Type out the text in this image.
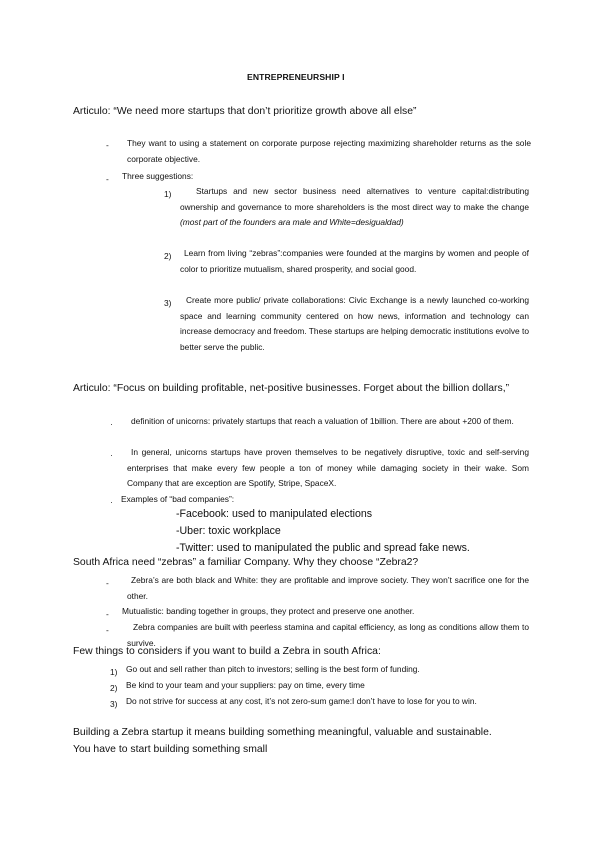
ENTREPRENEURSHIP I
Articulo: “We need more startups that don’t prioritize growth above all else”
- They want to using a statement on corporate purpose rejecting maximizing shareholder returns as the sole corporate objective.
- Three suggestions:
1)	Startups and new sector business need alternatives to venture capital:distributing ownership and governance to more shareholders is the most direct way to make the change (most part of the founders ara male and White=desigualdad)
2)	Learn from living “zebras”:companies were founded at the margins by women and people of color to prioritize mutualism, shared prosperity, and social good.
3)	Create more public/ private collaborations: Civic Exchange is a newly launched co-working space and learning community centered on how news, information and technology can increase democracy and freedom. These startups are helping democratic institutions evolve to better serve the public.
Articulo: “Focus on building profitable, net-positive businesses. Forget about the billion dollars,”
·	definition of unicorns: privately startups that reach a valuation of 1billion. There are about +200 of them.
·	In general, unicorns startups have proven themselves to be negatively disruptive, toxic and self-serving enterprises that make every few people a ton of money while damaging society in their wake. Som Company that are exception are Spotify, Stripe, SpaceX.
· Examples of “bad companies”:
-Facebook: used to manipulated elections
-Uber: toxic workplace
-Twitter: used to manipulated the public and spread fake news.
South Africa need “zebras” a familiar Company. Why they choose “Zebra2?
-	Zebra’s are both black and White: they are profitable and improve society. They won’t sacrifice one for the other.
- Mutualistic: banding together in groups, they protect and preserve one another.
-	Zebra companies are built with peerless stamina and capital efficiency, as long as conditions allow them to survive.
Few things to considers if you want to build a Zebra in south Africa:
1) Go out and sell rather than pitch to investors; selling is the best form of funding.
2) Be kind to your team and your suppliers: pay on time, every time
3) Do not strive for success at any cost, it’s not zero-sum game:I don’t have to lose for you to win.
Building a Zebra startup it means building something meaningful, valuable and sustainable.
You have to start building something small
